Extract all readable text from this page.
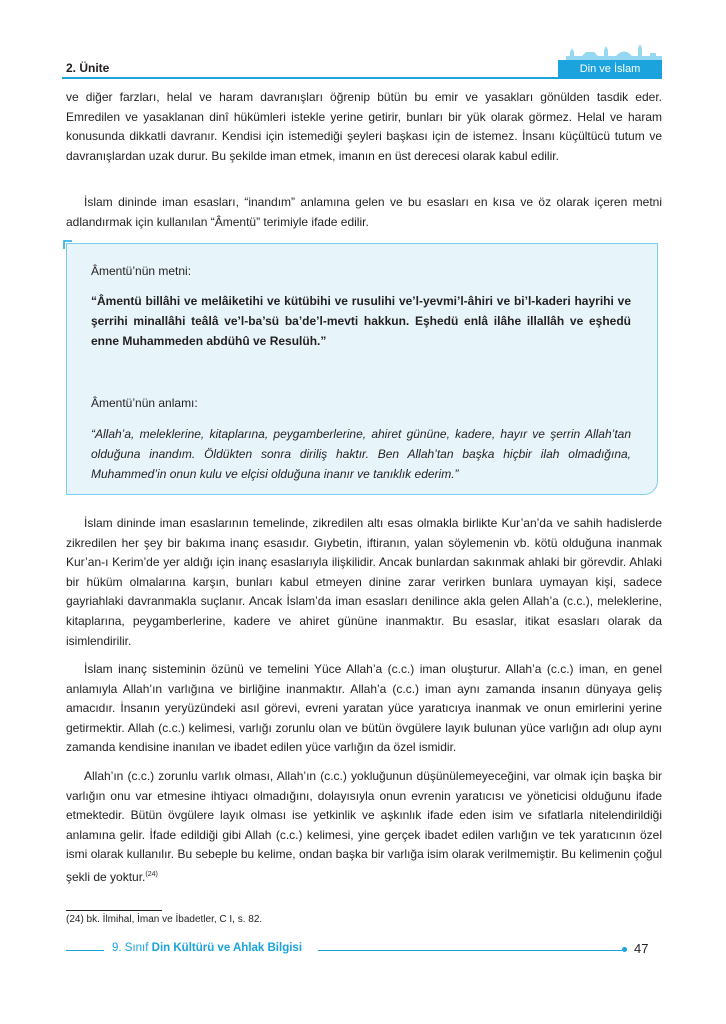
2. Ünite	Din ve İslam

ve diğer farzları, helal ve haram davranışları öğrenip bütün bu emir ve yasakları gönülden tasdik eder. Emredilen ve yasaklanan dinî hükümleri istekle yerine getirir, bunları bir yük olarak görmez. Helal ve haram konusunda dikkatli davranır. Kendisi için istemediği şeyleri başkası için de istemez. İnsanı küçültücü tutum ve davranışlardan uzak durur. Bu şekilde iman etmek, imanın en üst derecesi olarak kabul edilir.

İslam dininde iman esasları, “inandım” anlamına gelen ve bu esasları en kısa ve öz olarak içeren metni adlandırmak için kullanılan “Âmentü” terimiyle ifade edilir.

Âmentü’nün metni:

“Âmentü billâhi ve melâiketihi ve kütübihi ve rusulihi ve’l-yevmi’l-âhiri ve bi’l-kaderi hayrihi ve şerrihi minallâhi teâlâ ve’l-ba’sü ba’de’l-mevti hakkun. Eşhedü enlâ ilâhe illallâh ve eşhedü enne Muhammeden abdühû ve Resulüh.”

Âmentü’nün anlamı:

“Allah’a, meleklerine, kitaplarına, peygamberlerine, ahiret gününe, kadere, hayır ve şerrin Allah’tan olduğuna inandım. Öldükten sonra diriliş haktır. Ben Allah’tan başka hiçbir ilah olmadığına, Muhammed’in onun kulu ve elçisi olduğuna inanır ve tanıklık ederim.”

İslam dininde iman esaslarının temelinde, zikredilen altı esas olmakla birlikte Kur’an’da ve sahih hadislerde zikredilen her şey bir bakıma inanç esasıdır. Gıybetin, iftiranın, yalan söylemenin vb. kötü olduğuna inanmak Kur’an-ı Kerim’de yer aldığı için inanç esaslarıyla ilişkilidir. Ancak bunlardan sakınmak ahlaki bir görevdir. Ahlaki bir hüküm olmalarına karşın, bunları kabul etmeyen dinine zarar verirken bunlara uymayan kişi, sadece gayriahlaki davranmakla suçlanır. Ancak İslam’da iman esasları denilince akla gelen Allah’a (c.c.), meleklerine, kitaplarına, peygamberlerine, kadere ve ahiret gününe inanmaktır. Bu esaslar, itikat esasları olarak da isimlendirilir.

İslam inanç sisteminin özünü ve temelini Yüce Allah’a (c.c.) iman oluşturur. Allah’a (c.c.) iman, en genel anlamıyla Allah’ın varlığına ve birliğine inanmaktır. Allah’a (c.c.) iman aynı zamanda insanın dünyaya geliş amacıdır. İnsanın yeryüzündeki asıl görevi, evreni yaratan yüce yaratıcıya inanmak ve onun emirlerini yerine getirmektir. Allah (c.c.) kelimesi, varlığı zorunlu olan ve bütün övgülere layık bulunan yüce varlığın adı olup aynı zamanda kendisine inanılan ve ibadet edilen yüce varlığın da özel ismidir.

Allah’ın (c.c.) zorunlu varlık olması, Allah’ın (c.c.) yokluğunun düşünülemeyeceğini, var olmak için başka bir varlığın onu var etmesine ihtiyacı olmadığını, dolayısıyla onun evrenin yaratıcısı ve yöneticisi olduğunu ifade etmektedir. Bütün övgülere layık olması ise yetkinlik ve aşkınlık ifade eden isim ve sıfatlarla nitelendirildiği anlamına gelir. İfade edildiği gibi Allah (c.c.) kelimesi, yine gerçek ibadet edilen varlığın ve tek yaratıcının özel ismi olarak kullanılır. Bu sebeple bu kelime, ondan başka bir varlığa isim olarak verilmemiştir. Bu kelimenin çoğul şekli de yoktur.$^{(24)}$

(24) bk. İlmihal, İman ve İbadetler, C I, s. 82.
9. Sınıf Din Kültürü ve Ahlak Bilgisi	47
